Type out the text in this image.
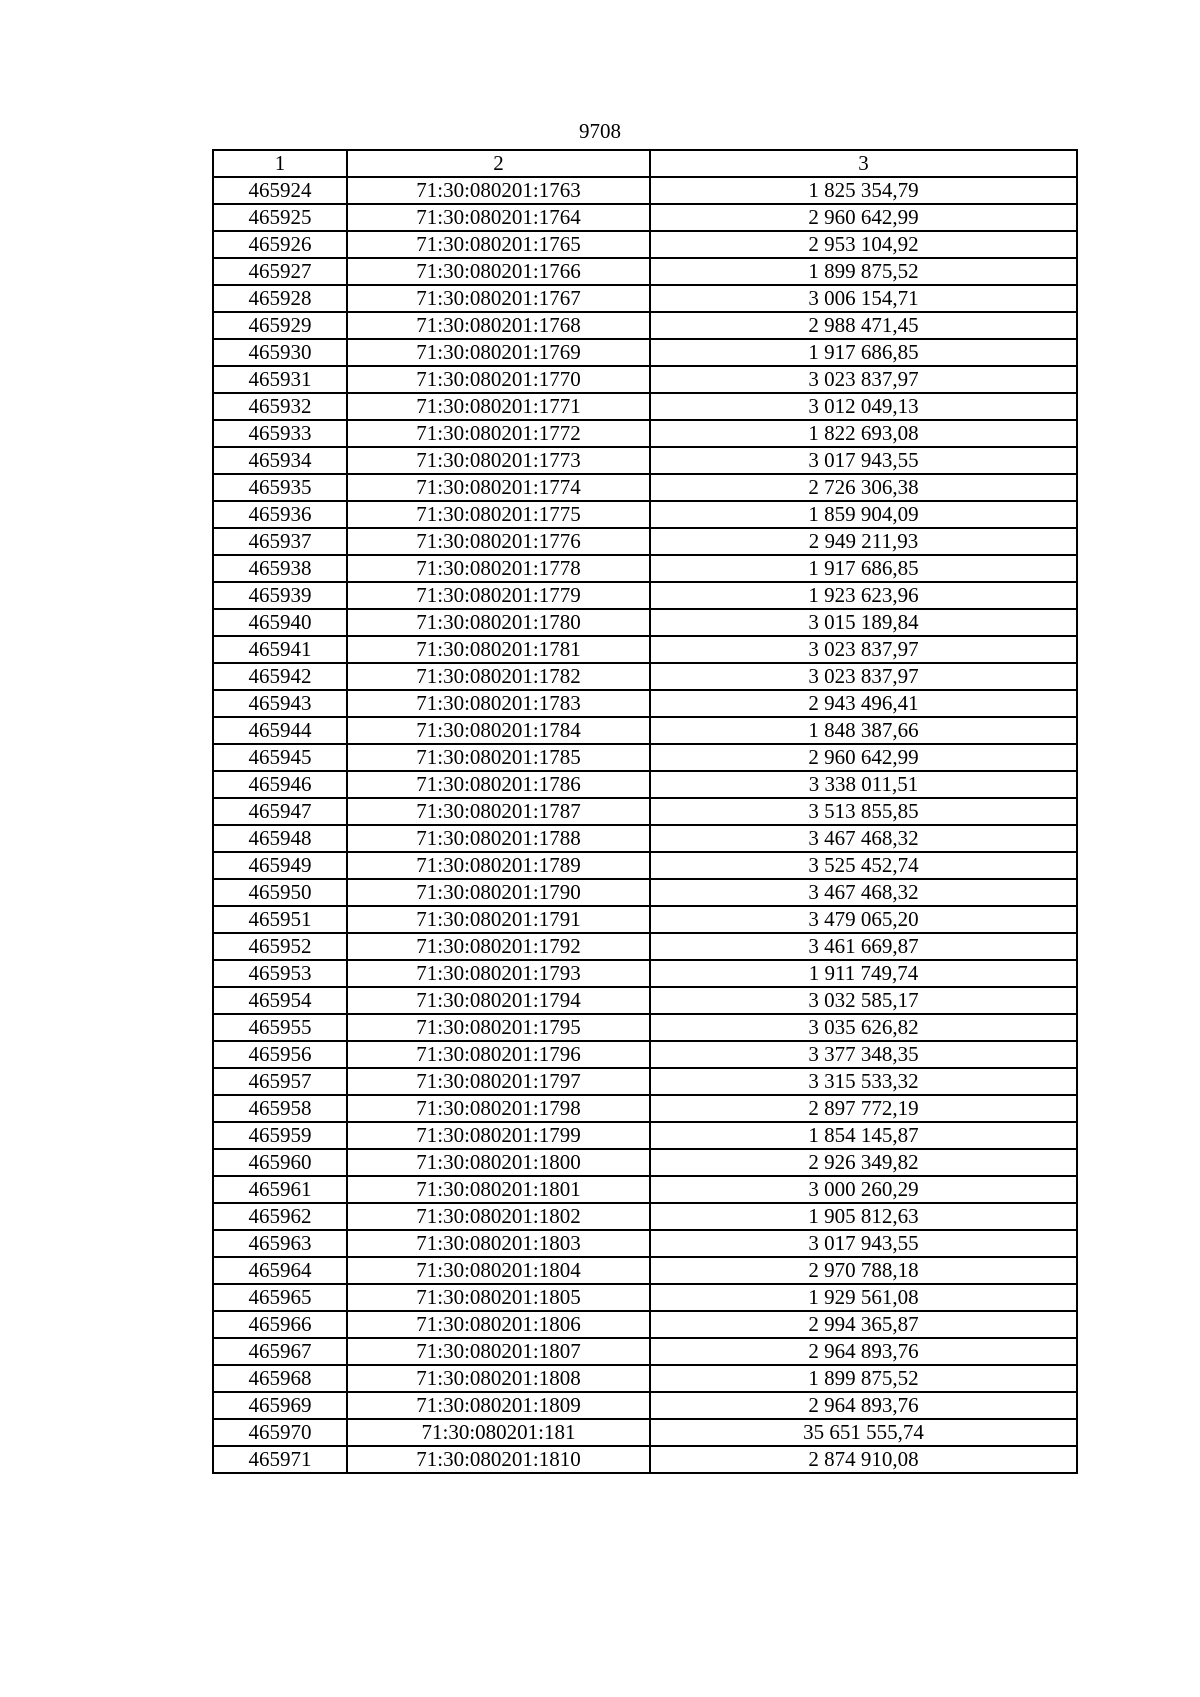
9708
1	2	3
465924	71:30:080201:1763	1 825 354,79
465925	71:30:080201:1764	2 960 642,99
465926	71:30:080201:1765	2 953 104,92
465927	71:30:080201:1766	1 899 875,52
465928	71:30:080201:1767	3 006 154,71
465929	71:30:080201:1768	2 988 471,45
465930	71:30:080201:1769	1 917 686,85
465931	71:30:080201:1770	3 023 837,97
465932	71:30:080201:1771	3 012 049,13
465933	71:30:080201:1772	1 822 693,08
465934	71:30:080201:1773	3 017 943,55
465935	71:30:080201:1774	2 726 306,38
465936	71:30:080201:1775	1 859 904,09
465937	71:30:080201:1776	2 949 211,93
465938	71:30:080201:1778	1 917 686,85
465939	71:30:080201:1779	1 923 623,96
465940	71:30:080201:1780	3 015 189,84
465941	71:30:080201:1781	3 023 837,97
465942	71:30:080201:1782	3 023 837,97
465943	71:30:080201:1783	2 943 496,41
465944	71:30:080201:1784	1 848 387,66
465945	71:30:080201:1785	2 960 642,99
465946	71:30:080201:1786	3 338 011,51
465947	71:30:080201:1787	3 513 855,85
465948	71:30:080201:1788	3 467 468,32
465949	71:30:080201:1789	3 525 452,74
465950	71:30:080201:1790	3 467 468,32
465951	71:30:080201:1791	3 479 065,20
465952	71:30:080201:1792	3 461 669,87
465953	71:30:080201:1793	1 911 749,74
465954	71:30:080201:1794	3 032 585,17
465955	71:30:080201:1795	3 035 626,82
465956	71:30:080201:1796	3 377 348,35
465957	71:30:080201:1797	3 315 533,32
465958	71:30:080201:1798	2 897 772,19
465959	71:30:080201:1799	1 854 145,87
465960	71:30:080201:1800	2 926 349,82
465961	71:30:080201:1801	3 000 260,29
465962	71:30:080201:1802	1 905 812,63
465963	71:30:080201:1803	3 017 943,55
465964	71:30:080201:1804	2 970 788,18
465965	71:30:080201:1805	1 929 561,08
465966	71:30:080201:1806	2 994 365,87
465967	71:30:080201:1807	2 964 893,76
465968	71:30:080201:1808	1 899 875,52
465969	71:30:080201:1809	2 964 893,76
465970	71:30:080201:181	35 651 555,74
465971	71:30:080201:1810	2 874 910,08
